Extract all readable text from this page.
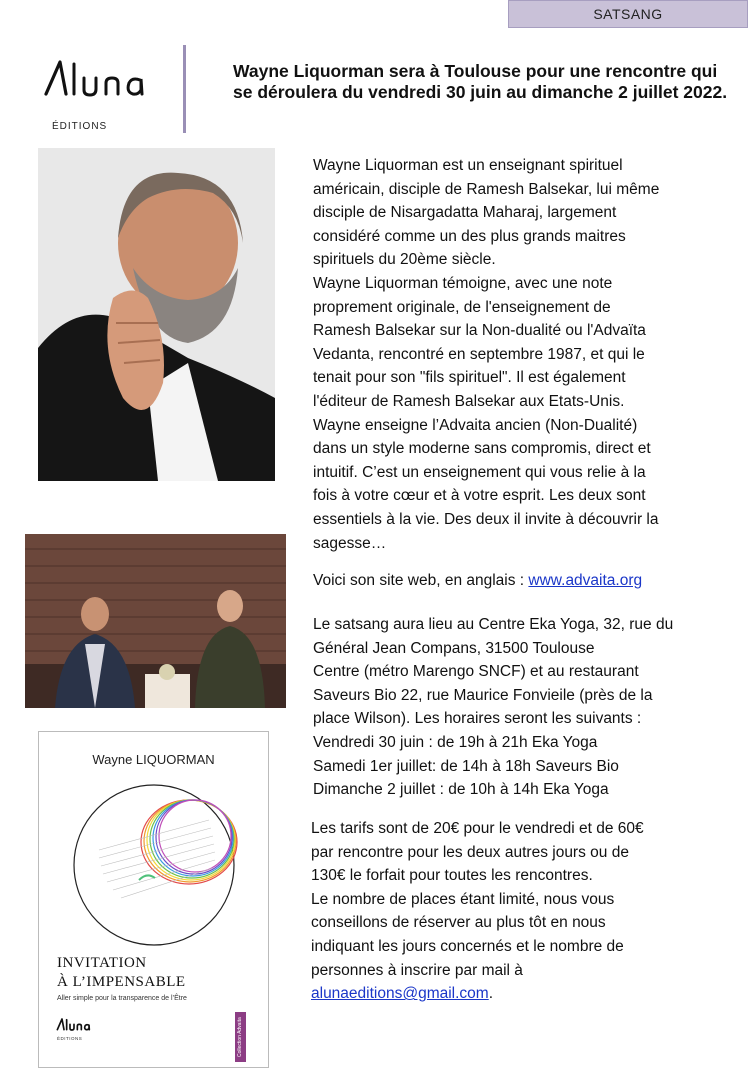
SATSANG
ÉDITIONS
Wayne Liquorman sera à Toulouse pour une rencontre qui se déroulera du vendredi 30 juin au dimanche 2 juillet 2022.
Wayne LIQUORMAN
INVITATION
À L’IMPENSABLE
Aller simple pour la transparence de l’Être
ÉDITIONS	Collection Advaita

Wayne Liquorman est un enseignant spirituel
américain, disciple de Ramesh Balsekar, lui même
disciple de Nisargadatta Maharaj, largement
considéré comme un des plus grands maitres
spirituels du 20ème siècle.
Wayne Liquorman témoigne, avec une note
proprement originale, de l'enseignement de
Ramesh Balsekar sur la Non-dualité ou l'Advaïta
Vedanta, rencontré en septembre 1987, et qui le
tenait pour son "fils spirituel". Il est également
l'éditeur de Ramesh Balsekar aux Etats-Unis.
Wayne enseigne l’Advaita ancien (Non-Dualité)
dans un style moderne sans compromis, direct et
intuitif. C’est un enseignement qui vous relie à la
fois à votre cœur et à votre esprit. Les deux sont
essentiels à la vie. Des deux il invite à découvrir la
sagesse…

Voici son site web, en anglais : www.advaita.org

Le satsang aura lieu au Centre Eka Yoga, 32, rue du
Général Jean Compans, 31500 Toulouse
Centre (métro Marengo SNCF) et au restaurant
Saveurs Bio 22, rue Maurice Fonvieile (près de la
place Wilson). Les horaires seront les suivants :
Vendredi 30 juin : de 19h à 21h Eka Yoga
Samedi 1er juillet: de 14h à 18h Saveurs Bio
Dimanche 2 juillet : de 10h à 14h Eka Yoga

Les tarifs sont de 20€ pour le vendredi et de 60€
par rencontre pour les deux autres jours ou de
130€ le forfait pour toutes les rencontres.
Le nombre de places étant limité, nous vous
conseillons de réserver au plus tôt en nous
indiquant les jours concernés et le nombre de
personnes à inscrire par mail à
alunaeditions@gmail.com.
